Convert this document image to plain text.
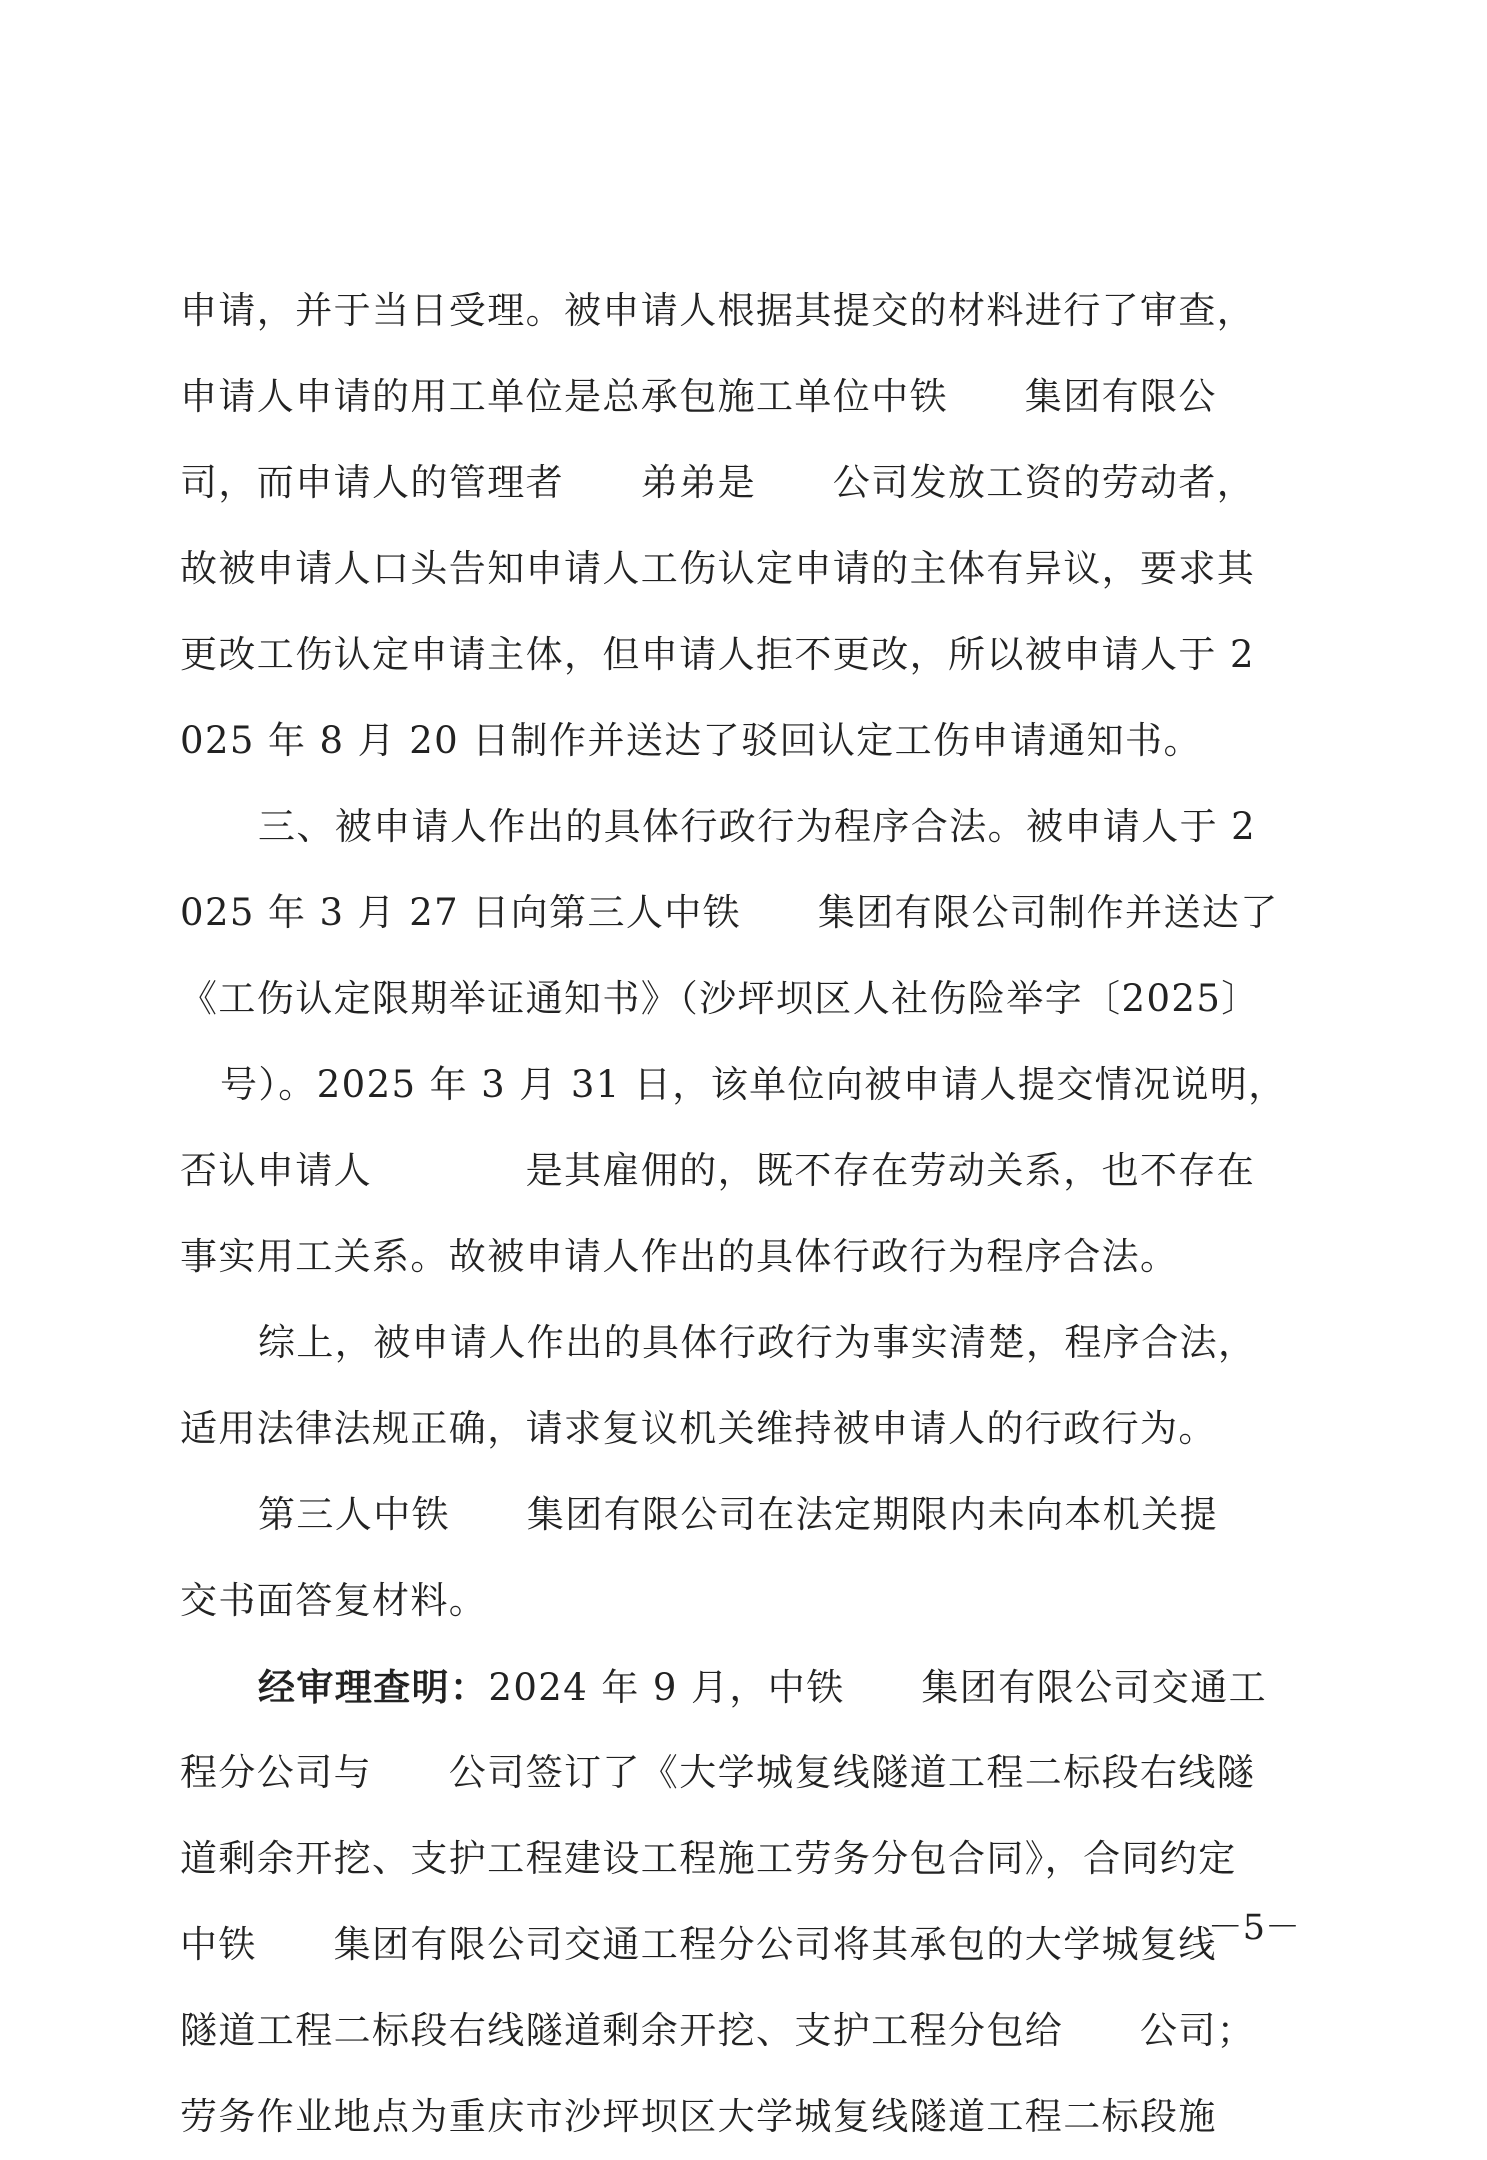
申请，并于当日受理。被申请人根据其提交的材料进行了审查，
申请人申请的用工单位是总承包施工单位中铁　　集团有限公
司，而申请人的管理者　　弟弟是　　公司发放工资的劳动者，
故被申请人口头告知申请人工伤认定申请的主体有异议，要求其
更改工伤认定申请主体，但申请人拒不更改，所以被申请人于 2
025 年 8 月 20 日制作并送达了驳回认定工伤申请通知书。
三、被申请人作出的具体行政行为程序合法。被申请人于 2
025 年 3 月 27 日向第三人中铁　　集团有限公司制作并送达了
《工伤认定限期举证通知书》（沙坪坝区人社伤险举字〔2025〕
号）。2025 年 3 月 31 日，该单位向被申请人提交情况说明，
否认申请人　　　　是其雇佣的，既不存在劳动关系，也不存在
事实用工关系。故被申请人作出的具体行政行为程序合法。
综上，被申请人作出的具体行政行为事实清楚，程序合法，
适用法律法规正确，请求复议机关维持被申请人的行政行为。
第三人中铁　　集团有限公司在法定期限内未向本机关提
交书面答复材料。
经审理查明：2024 年 9 月，中铁　　集团有限公司交通工
程分公司与　　公司签订了《大学城复线隧道工程二标段右线隧
道剩余开挖、支护工程建设工程施工劳务分包合同》，合同约定
中铁　　集团有限公司交通工程分公司将其承包的大学城复线
隧道工程二标段右线隧道剩余开挖、支护工程分包给　　公司；
劳务作业地点为重庆市沙坪坝区大学城复线隧道工程二标段施
－5－
